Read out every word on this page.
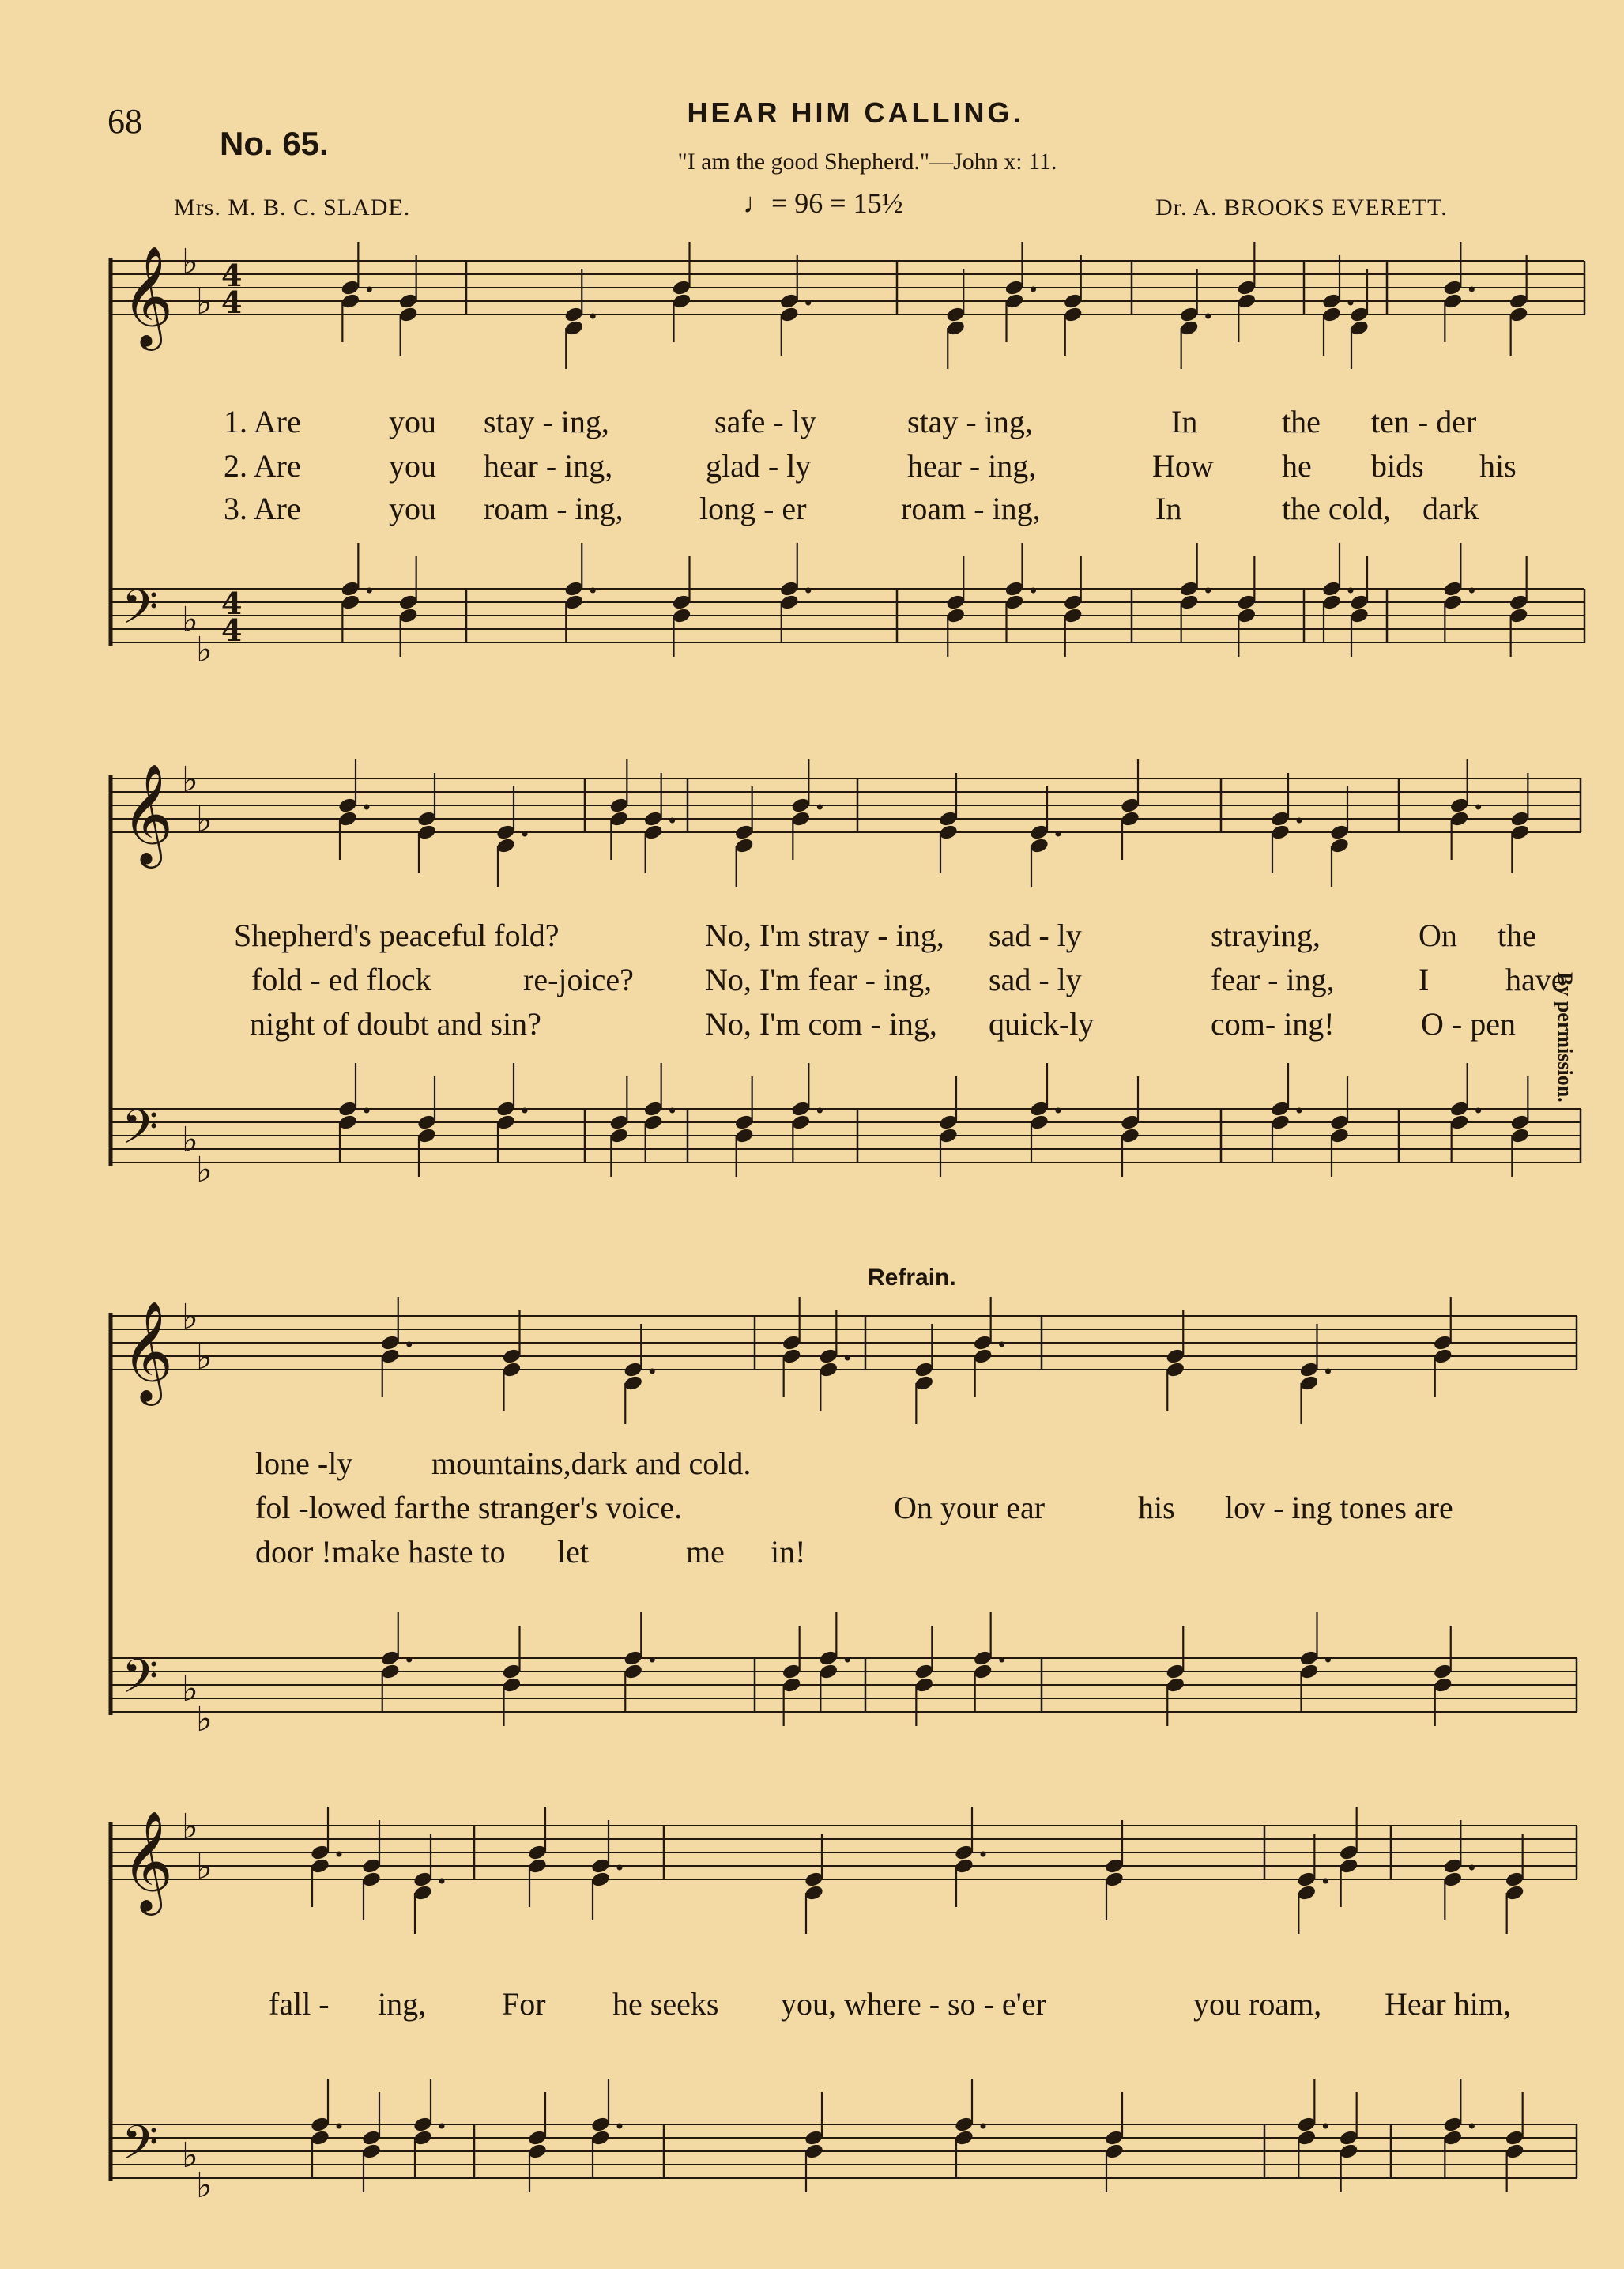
68
No. 65.
HEAR HIM CALLING.
"I am the good Shepherd."—John x: 11.
Mrs. M. B. C. SLADE.	♩= 96 = 15½	Dr. A. BROOKS EVERETT.
By permission.
Refrain.
𝄞 ♭
♭
4
4
𝄢 ♭
♭
4
4
𝄞 ♭
♭
𝄢 ♭
♭
𝄞 ♭
♭
𝄢 ♭
♭
𝄞 ♭
♭
𝄢 ♭
♭
1. Are	you stay - ing,	safe - ly	stay - ing,	In	the ten - der
2. Are	you hear - ing,	glad - ly	hear - ing,	How he bids his
3. Are	you roam - ing, long - er	roam - ing,	In	the cold, dark
Shepherd's peaceful fold?	No, I'm stray - ing, sad - ly	straying,	On the
fold - ed flock	re-joice? No, I'm fear - ing, sad - ly	fear - ing,	I have
night of doubt and sin?	No, I'm com - ing, quick-ly	com- ing!	O - pen
lone -ly mountains,dark and cold.
fol -lowed far the stranger's voice.	On your ear	his lov - ing tones are
door !make haste to let	me in!
fall - ing, For he seeks you, where - so - e'er	you roam, Hear him,
